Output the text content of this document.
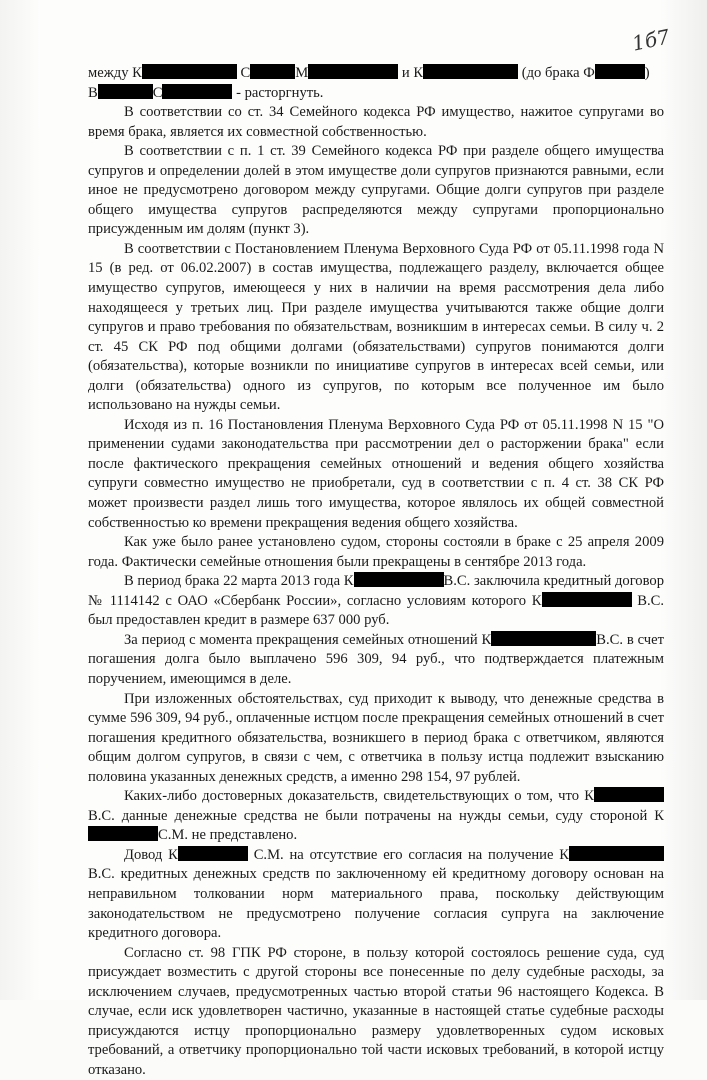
1б7

между К	С	М	и К	(до брака Ф	)
В	С	- расторгнуть.

В соответствии со ст. 34 Семейного кодекса РФ имущество, нажитое супругами во время брака, является их совместной собственностью.

В соответствии с п. 1 ст. 39 Семейного кодекса РФ при разделе общего имущества супругов и определении долей в этом имуществе доли супругов признаются равными, если иное не предусмотрено договором между супругами. Общие долги супругов при разделе общего имущества супругов распределяются между супругами пропорционально присужденным им долям (пункт 3).

В соответствии с Постановлением Пленума Верховного Суда РФ от 05.11.1998 года N 15 (в ред. от 06.02.2007) в состав имущества, подлежащего разделу, включается общее имущество супругов, имеющееся у них в наличии на время рассмотрения дела либо находящееся у третьих лиц. При разделе имущества учитываются также общие долги супругов и право требования по обязательствам, возникшим в интересах семьи. В силу ч. 2 ст. 45 СК РФ под общими долгами (обязательствами) супругов понимаются долги (обязательства), которые возникли по инициативе супругов в интересах всей семьи, или долги (обязательства) одного из супругов, по которым все полученное им было использовано на нужды семьи.

Исходя из п. 16 Постановления Пленума Верховного Суда РФ от 05.11.1998 N 15 "О применении судами законодательства при рассмотрении дел о расторжении брака" если после фактического прекращения семейных отношений и ведения общего хозяйства супруги совместно имущество не приобретали, суд в соответствии с п. 4 ст. 38 СК РФ может произвести раздел лишь того имущества, которое являлось их общей совместной собственностью ко времени прекращения ведения общего хозяйства.

Как уже было ранее установлено судом, стороны состояли в браке с 25 апреля 2009 года. Фактически семейные отношения были прекращены в сентябре 2013 года.

В период брака 22 марта 2013 года К	В.С. заключила кредитный договор № 1114142 с ОАО «Сбербанк России», согласно условиям которого К	В.С. был предоставлен кредит в размере 637 000 руб.

За период с момента прекращения семейных отношений К	В.С. в счет погашения долга было выплачено 596 309, 94 руб., что подтверждается платежным поручением, имеющимся в деле.

При изложенных обстоятельствах, суд приходит к выводу, что денежные средства в сумме 596 309, 94 руб., оплаченные истцом после прекращения семейных отношений в счет погашения кредитного обязательства, возникшего в период брака с ответчиком, являются общим долгом супругов, в связи с чем, с ответчика в пользу истца подлежит взысканию половина указанных денежных средств, а именно 298 154, 97 рублей.

Каких-либо достоверных доказательств, свидетельствующих о том, что КВ.С. данные денежные средства не были потрачены на нужды семьи, суду стороной КС.М. не представлено.

Довод К	С.М. на отсутствие его согласия на получение К В.С. кредитных денежных средств по заключенному ей кредитному договору основан на неправильном толковании норм материального права, поскольку действующим законодательством не предусмотрено получение согласия супруга на заключение кредитного договора.

Согласно ст. 98 ГПК РФ стороне, в пользу которой состоялось решение суда, суд присуждает возместить с другой стороны все понесенные по делу судебные расходы, за исключением случаев, предусмотренных частью второй статьи 96 настоящего Кодекса. В случае, если иск удовлетворен частично, указанные в настоящей статье судебные расходы присуждаются истцу пропорционально размеру удовлетворенных судом исковых требований, а ответчику пропорционально той части исковых требований, в которой истцу отказано.
